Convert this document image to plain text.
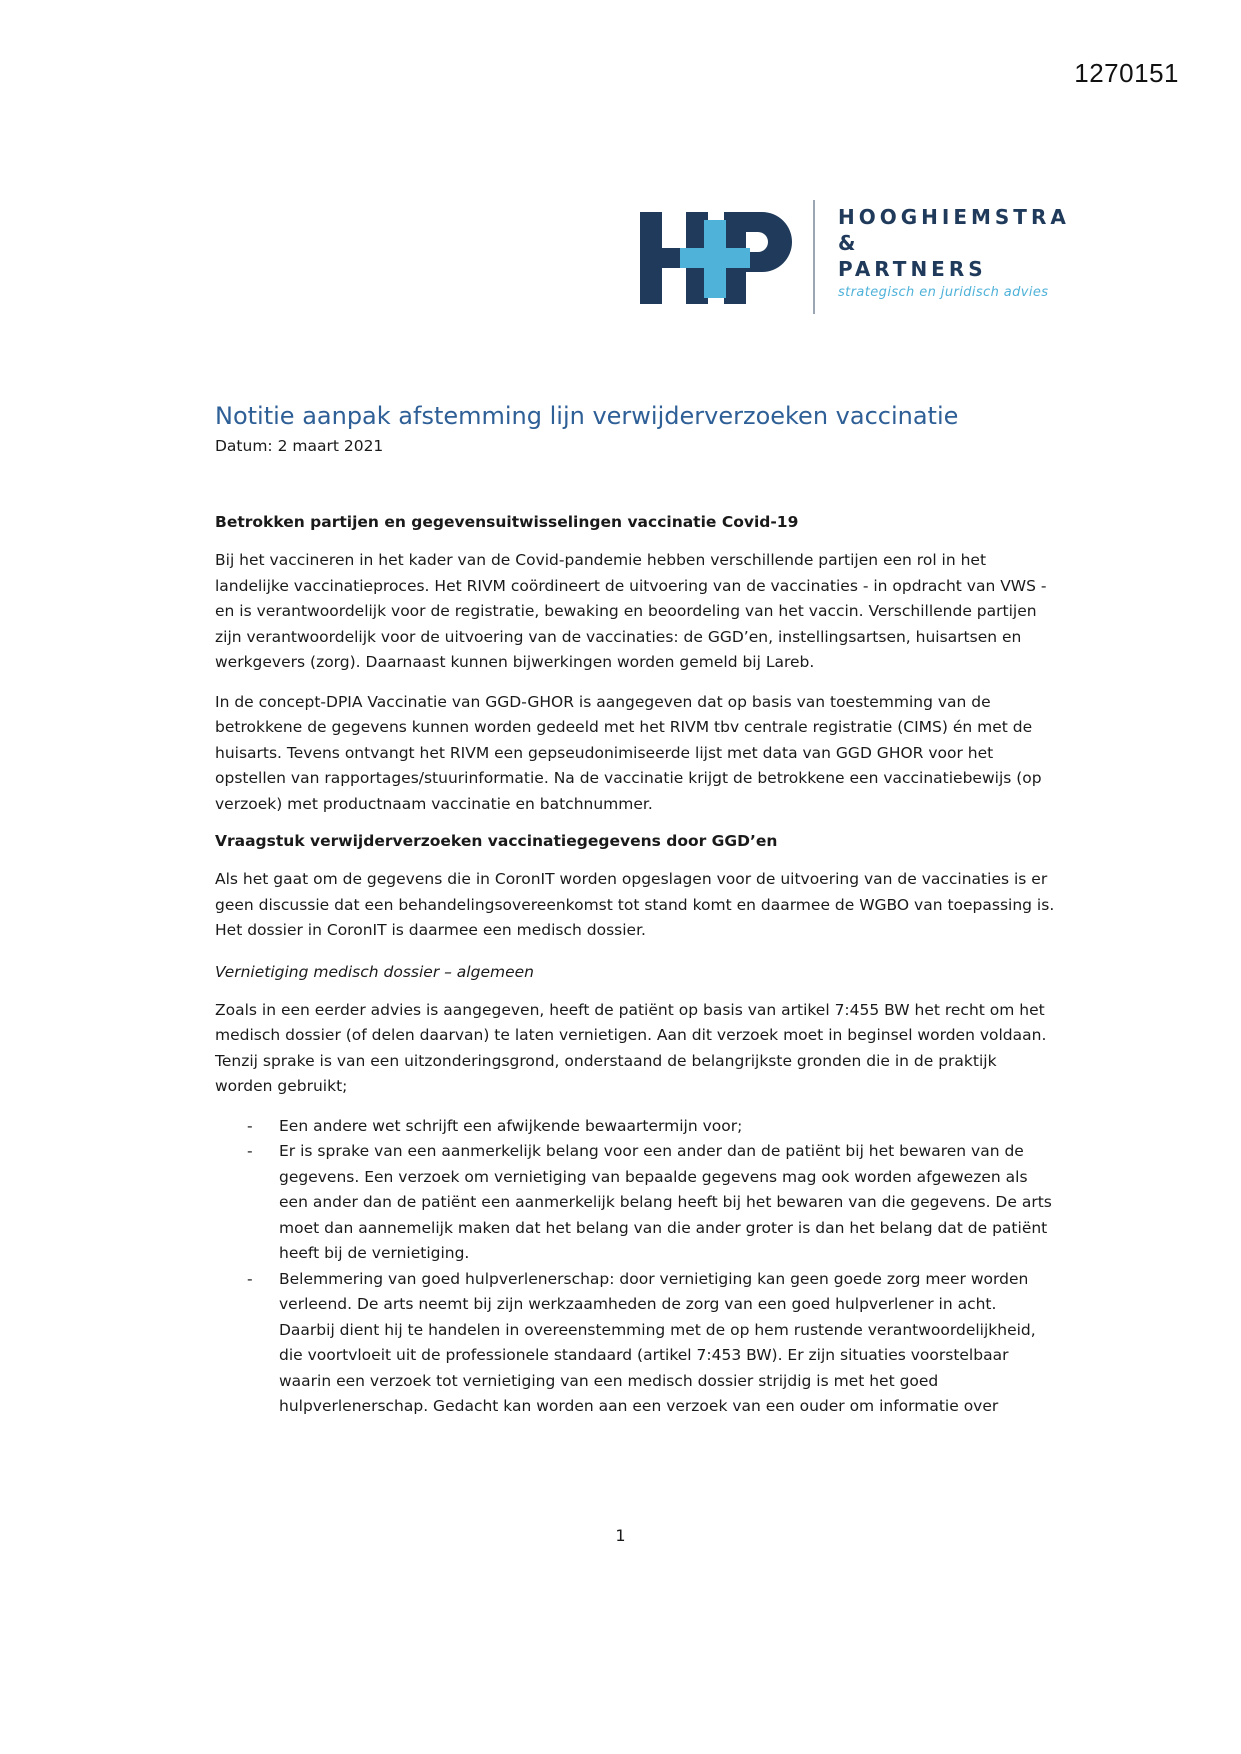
1270151
HOOGHIEMSTRA
&
PARTNERS
strategisch en juridisch advies
Notitie aanpak afstemming lijn verwijderverzoeken vaccinatie

Datum: 2 maart 2021

Betrokken partijen en gegevensuitwisselingen vaccinatie Covid-19

Bij het vaccineren in het kader van de Covid-pandemie hebben verschillende partijen een rol in het landelijke vaccinatieproces. Het RIVM coördineert de uitvoering van de vaccinaties - in opdracht van VWS - en is verantwoordelijk voor de registratie, bewaking en beoordeling van het vaccin. Verschillende partijen zijn verantwoordelijk voor de uitvoering van de vaccinaties: de GGD’en, instellingsartsen, huisartsen en werkgevers (zorg). Daarnaast kunnen bijwerkingen worden gemeld bij Lareb.

In de concept-DPIA Vaccinatie van GGD-GHOR is aangegeven dat op basis van toestemming van de betrokkene de gegevens kunnen worden gedeeld met het RIVM tbv centrale registratie (CIMS) én met de huisarts. Tevens ontvangt het RIVM een gepseudonimiseerde lijst met data van GGD GHOR voor het opstellen van rapportages/stuurinformatie. Na de vaccinatie krijgt de betrokkene een vaccinatiebewijs (op verzoek) met productnaam vaccinatie en batchnummer.

Vraagstuk verwijderverzoeken vaccinatiegegevens door GGD’en

Als het gaat om de gegevens die in CoronIT worden opgeslagen voor de uitvoering van de vaccinaties is er geen discussie dat een behandelingsovereenkomst tot stand komt en daarmee de WGBO van toepassing is. Het dossier in CoronIT is daarmee een medisch dossier.

Vernietiging medisch dossier – algemeen

Zoals in een eerder advies is aangegeven, heeft de patiënt op basis van artikel 7:455 BW het recht om het medisch dossier (of delen daarvan) te laten vernietigen. Aan dit verzoek moet in beginsel worden voldaan. Tenzij sprake is van een uitzonderingsgrond, onderstaand de belangrijkste gronden die in de praktijk worden gebruikt;

- Een andere wet schrijft een afwijkende bewaartermijn voor;
- Er is sprake van een aanmerkelijk belang voor een ander dan de patiënt bij het bewaren van de gegevens. Een verzoek om vernietiging van bepaalde gegevens mag ook worden afgewezen als een ander dan de patiënt een aanmerkelijk belang heeft bij het bewaren van die gegevens. De arts moet dan aannemelijk maken dat het belang van die ander groter is dan het belang dat de patiënt heeft bij de vernietiging.
- Belemmering van goed hulpverlenerschap: door vernietiging kan geen goede zorg meer worden verleend. De arts neemt bij zijn werkzaamheden de zorg van een goed hulpverlener in acht. Daarbij dient hij te handelen in overeenstemming met de op hem rustende verantwoordelijkheid, die voortvloeit uit de professionele standaard (artikel 7:453 BW). Er zijn situaties voorstelbaar waarin een verzoek tot vernietiging van een medisch dossier strijdig is met het goed hulpverlenerschap. Gedacht kan worden aan een verzoek van een ouder om informatie over
1
